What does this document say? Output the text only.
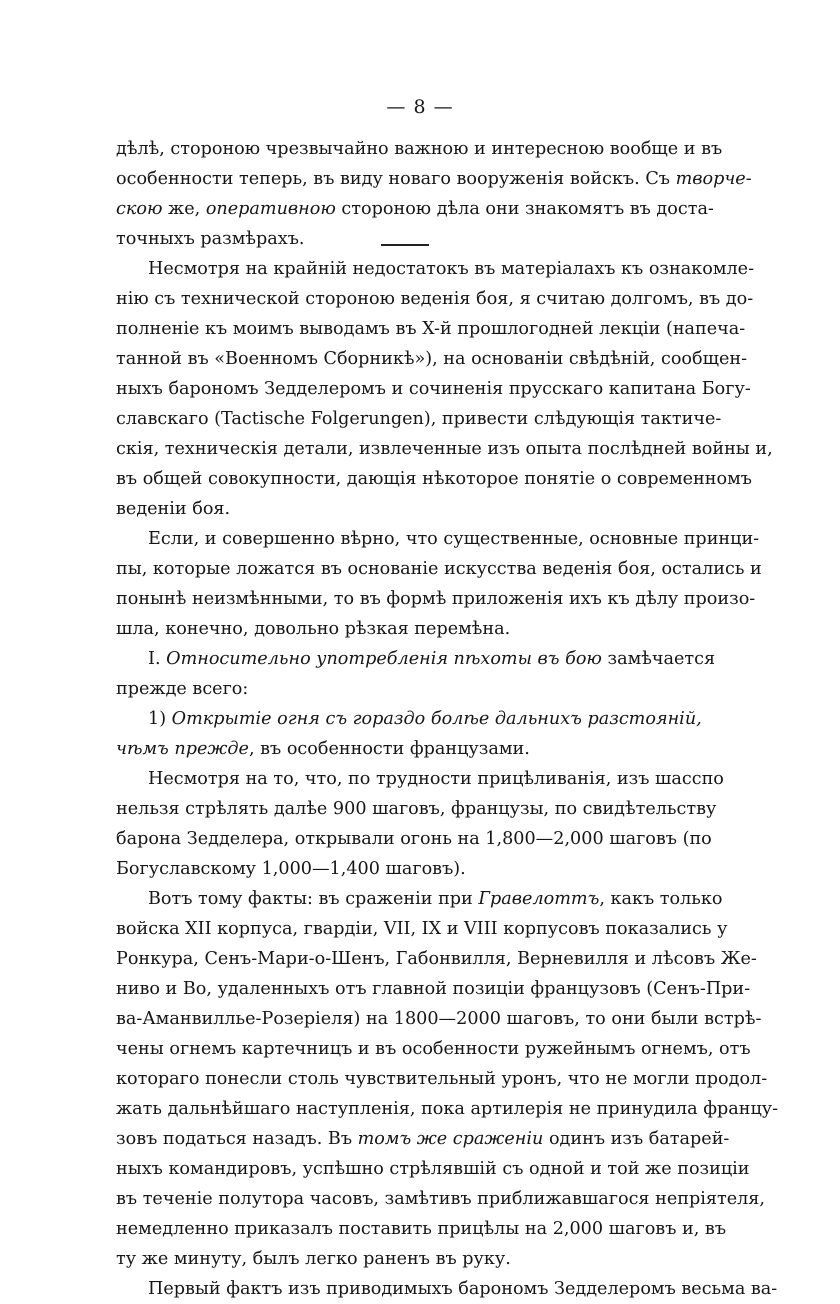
— 8 —
дѣлѣ, стороною чрезвычайно важною и интересною вообще и въ
особенности теперь, въ виду новаго вооруженія войскъ. Съ творче-
скою же, оперативною стороною дѣла они знакомятъ въ доста-
точныхъ размѣрахъ.
Несмотря на крайній недостатокъ въ матеріалахъ къ ознакомле-
нію съ технической стороною веденія боя, я считаю долгомъ, въ до-
полненіе къ моимъ выводамъ въ X-й прошлогодней лекціи (напеча-
танной въ «Военномъ Сборникѣ»), на основаніи свѣдѣній, сообщен-
ныхъ барономъ Зедделеромъ и сочиненія прусскаго капитана Богу-
славскаго (Tactische Folgerungen), привести слѣдующія тактиче-
скія, техническія детали, извлеченные изъ опыта послѣдней войны и,
въ общей совокупности, дающія нѣкоторое понятіе о современномъ
веденіи боя.
Если, и совершенно вѣрно, что существенные, основные принци-
пы, которые ложатся въ основаніе искусства веденія боя, остались и
понынѣ неизмѣнными, то въ формѣ приложенія ихъ къ дѣлу произо-
шла, конечно, довольно рѣзкая перемѣна.
I. Относительно употребленія пѣхоты въ бою замѣчается
прежде всего:
1) Открытіе огня съ гораздо болѣе дальнихъ разстояній,
чѣмъ прежде, въ особенности французами.
Несмотря на то, что, по трудности прицѣливанія, изъ шасспо
нельзя стрѣлять далѣе 900 шаговъ, французы, по свидѣтельству
барона Зедделера, открывали огонь на 1,800—2,000 шаговъ (по
Богуславскому 1,000—1,400 шаговъ).
Вотъ тому факты: въ сраженіи при Гравелоттъ, какъ только
войска XII корпуса, гвардіи, VII, IX и VIII корпусовъ показались у
Ронкура, Сенъ-Мари-о-Шенъ, Габонвилля, Верневилля и лѣсовъ Же-
ниво и Во, удаленныхъ отъ главной позиціи французовъ (Сенъ-При-
ва-Аманвилльe-Розеріеля) на 1800—2000 шаговъ, то они были встрѣ-
чены огнемъ картечницъ и въ особенности ружейнымъ огнемъ, отъ
котораго понесли столь чувствительный уронъ, что не могли продол-
жать дальнѣйшаго наступленія, пока артилерія не принудила францу-
зовъ податься назадъ. Въ томъ же сраженіи одинъ изъ батарей-
ныхъ командировъ, успѣшно стрѣлявшій съ одной и той же позиціи
въ теченіе полутора часовъ, замѣтивъ приближавшагося непріятеля,
немедленно приказалъ поставить прицѣлы на 2,000 шаговъ и, въ
ту же минуту, былъ легко раненъ въ руку.
Первый фактъ изъ приводимыхъ барономъ Зедделеромъ весьма ва-
